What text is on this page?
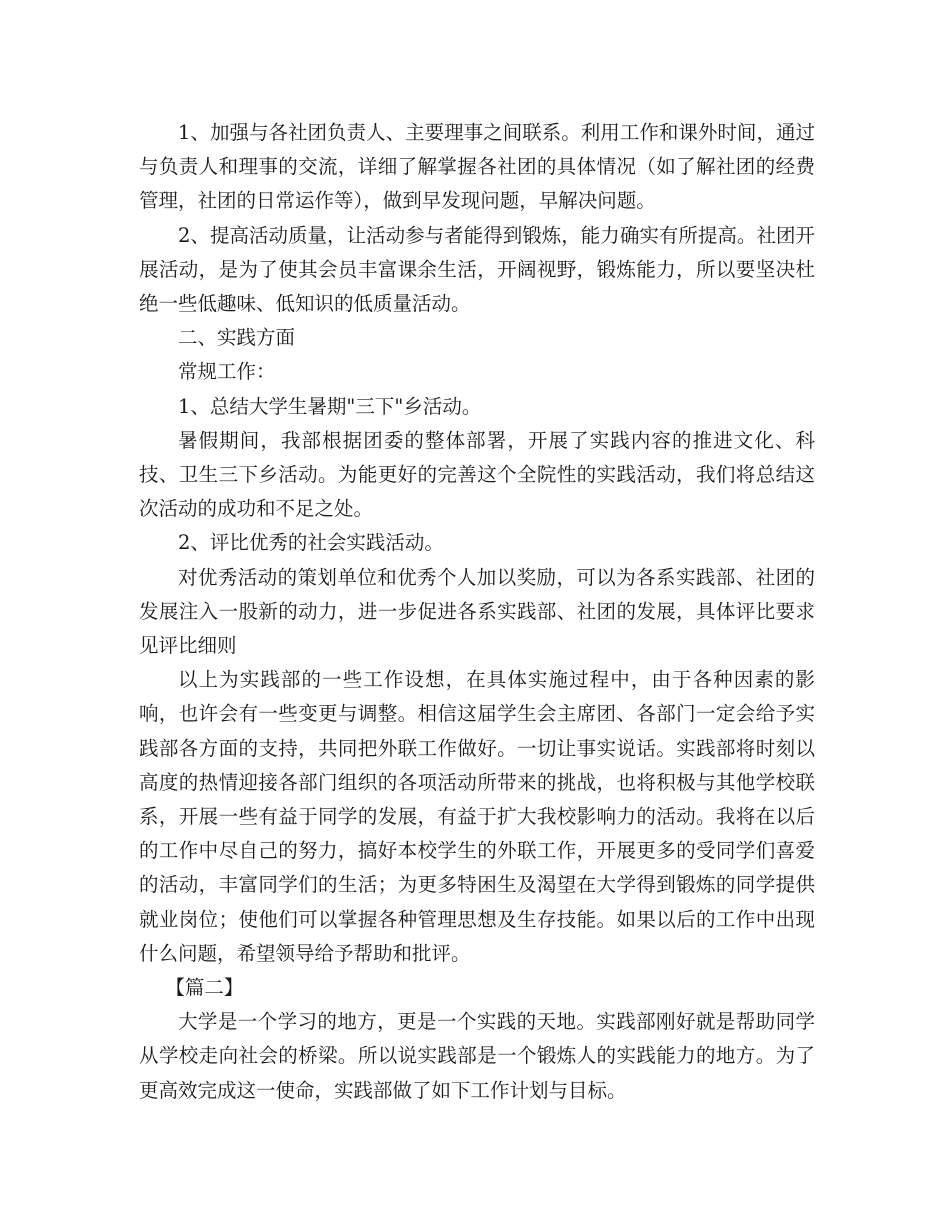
1、加强与各社团负责人、主要理事之间联系。利用工作和课外时间，通过与负责人和理事的交流，详细了解掌握各社团的具体情况（如了解社团的经费管理，社团的日常运作等），做到早发现问题，早解决问题。

2、提高活动质量，让活动参与者能得到锻炼，能力确实有所提高。社团开展活动，是为了使其会员丰富课余生活，开阔视野，锻炼能力，所以要坚决杜绝一些低趣味、低知识的低质量活动。

二、实践方面

常规工作：

1、总结大学生暑期"三下"乡活动。

暑假期间，我部根据团委的整体部署，开展了实践内容的推进文化、科技、卫生三下乡活动。为能更好的完善这个全院性的实践活动，我们将总结这次活动的成功和不足之处。

2、评比优秀的社会实践活动。

对优秀活动的策划单位和优秀个人加以奖励，可以为各系实践部、社团的发展注入一股新的动力，进一步促进各系实践部、社团的发展，具体评比要求见评比细则

以上为实践部的一些工作设想，在具体实施过程中，由于各种因素的影响，也许会有一些变更与调整。相信这届学生会主席团、各部门一定会给予实践部各方面的支持，共同把外联工作做好。一切让事实说话。实践部将时刻以高度的热情迎接各部门组织的各项活动所带来的挑战，也将积极与其他学校联系，开展一些有益于同学的发展，有益于扩大我校影响力的活动。我将在以后的工作中尽自己的努力，搞好本校学生的外联工作，开展更多的受同学们喜爱的活动，丰富同学们的生活；为更多特困生及渴望在大学得到锻炼的同学提供就业岗位；使他们可以掌握各种管理思想及生存技能。如果以后的工作中出现什么问题，希望领导给予帮助和批评。

【篇二】

大学是一个学习的地方，更是一个实践的天地。实践部刚好就是帮助同学从学校走向社会的桥梁。所以说实践部是一个锻炼人的实践能力的地方。为了更高效完成这一使命，实践部做了如下工作计划与目标。
